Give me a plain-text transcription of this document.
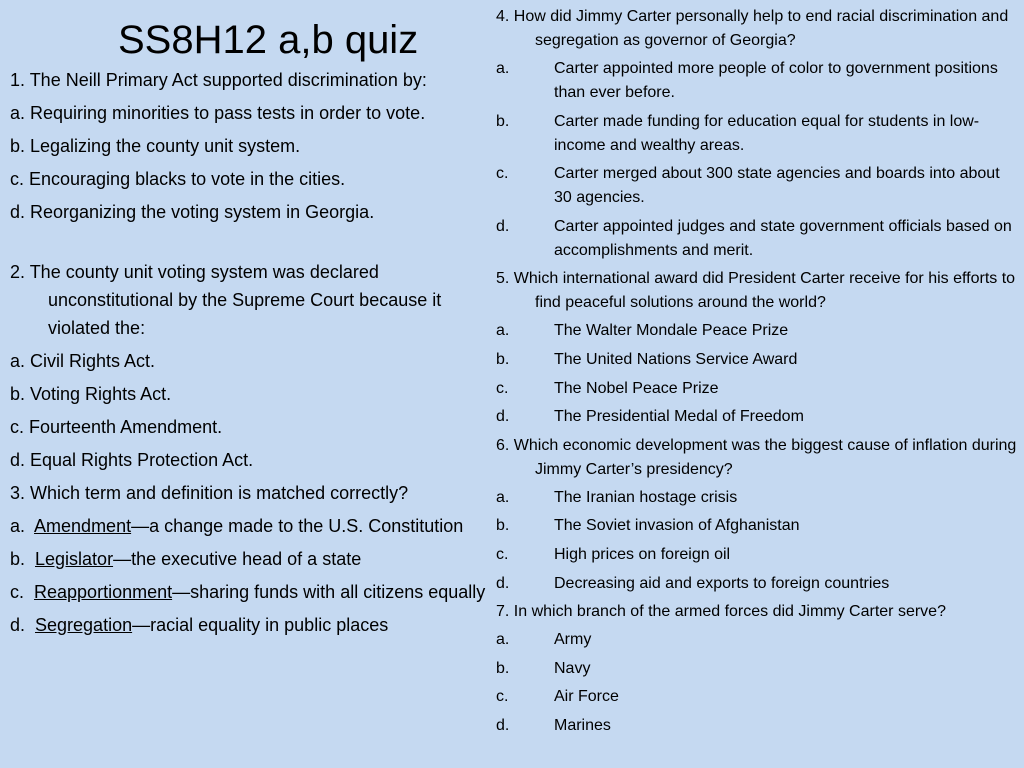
SS8H12 a,b quiz
1. The Neill Primary Act supported discrimination by:
a. Requiring minorities to pass tests in order to vote.
b. Legalizing the county unit system.
c. Encouraging blacks to vote in the cities.
d. Reorganizing the voting system in Georgia.
2. The county unit voting system was declared unconstitutional by the Supreme Court because it violated the:
a. Civil Rights Act.
b. Voting Rights Act.
c. Fourteenth Amendment.
d. Equal Rights Protection Act.
3. Which term and definition is matched correctly?
a.  Amendment—a change made to the U.S. Constitution
b.  Legislator—the executive head of a state
c.  Reapportionment—sharing funds with all citizens equally
d.  Segregation—racial equality in public places
4. How did Jimmy Carter personally help to end racial discrimination and segregation as governor of Georgia?
a.	Carter appointed more people of color to government positions than ever before.
b.	Carter made funding for education equal for students in low-income and wealthy areas.
c.	Carter merged about 300 state agencies and boards into about 30 agencies.
d.	Carter appointed judges and state government officials based on accomplishments and merit.
5. Which international award did President Carter receive for his efforts to find peaceful solutions around the world?
a.	The Walter Mondale Peace Prize
b.	The United Nations Service Award
c.	The Nobel Peace Prize
d.	The Presidential Medal of Freedom
6. Which economic development was the biggest cause of inflation during Jimmy Carter’s presidency?
a.	The Iranian hostage crisis
b.	The Soviet invasion of Afghanistan
c.	High prices on foreign oil
d.	Decreasing aid and exports to foreign countries
7. In which branch of the armed forces did Jimmy Carter serve?
a.	Army
b.	Navy
c.	Air Force
d.	Marines
